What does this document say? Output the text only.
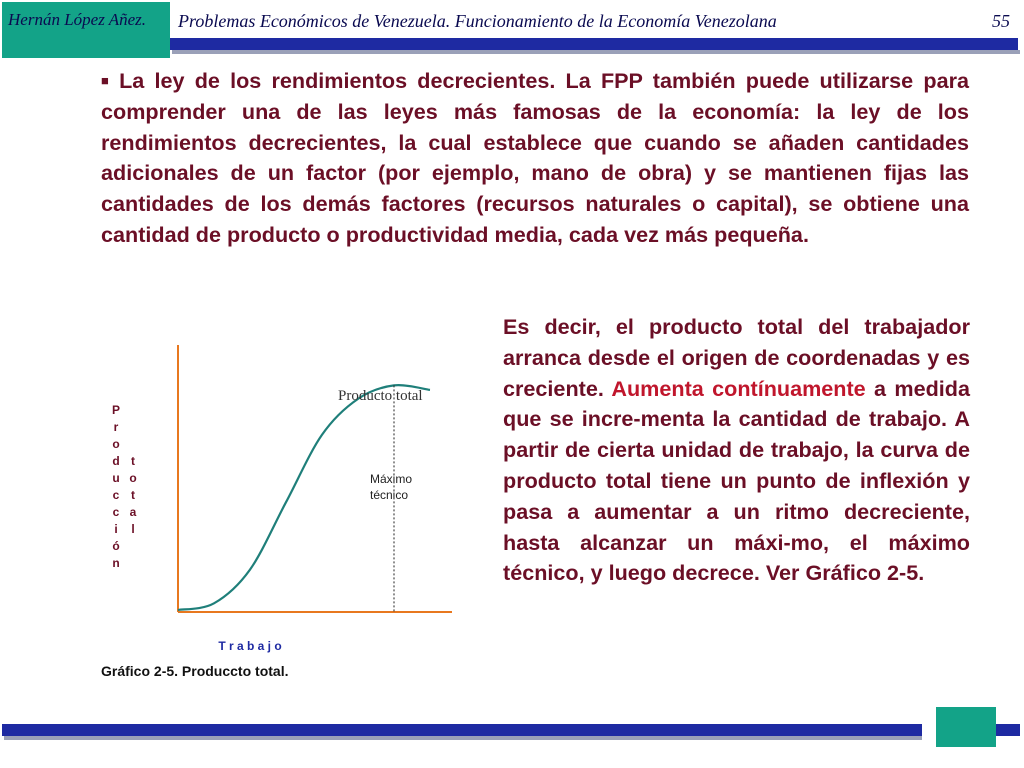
Hernán López Añez. Problemas Económicos de Venezuela. Funcionamiento de la Economía Venezolana	55
■ La ley de los rendimientos decrecientes. La FPP también puede utilizarse para comprender una de las leyes más famosas de la economía: la ley de los rendimientos decrecientes, la cual establece que cuando se añaden cantidades adicionales de un factor (por ejemplo, mano de obra) y se mantienen fijas las cantidades de los demás factores (recursos naturales o capital), se obtiene una cantidad de producto o productividad media, cada vez más pequeña.
Es decir, el producto total del trabajador arranca desde el origen de coordenadas y es creciente. Aumenta contínuamente a medida que se incre-menta la cantidad de trabajo. A partir de cierta unidad de trabajo, la curva de producto total tiene un punto de inflexión y pasa a aumentar a un ritmo decreciente, hasta alcanzar un máxi-mo, el máximo técnico, y luego decrece. Ver Gráfico 2-5.
Producto total
Máximo
técnico
P
r
o
d
u
c
c
i
ó
n
t
o
t
a
l
T r a b a j o
Gráfico 2-5. Produccto total.
